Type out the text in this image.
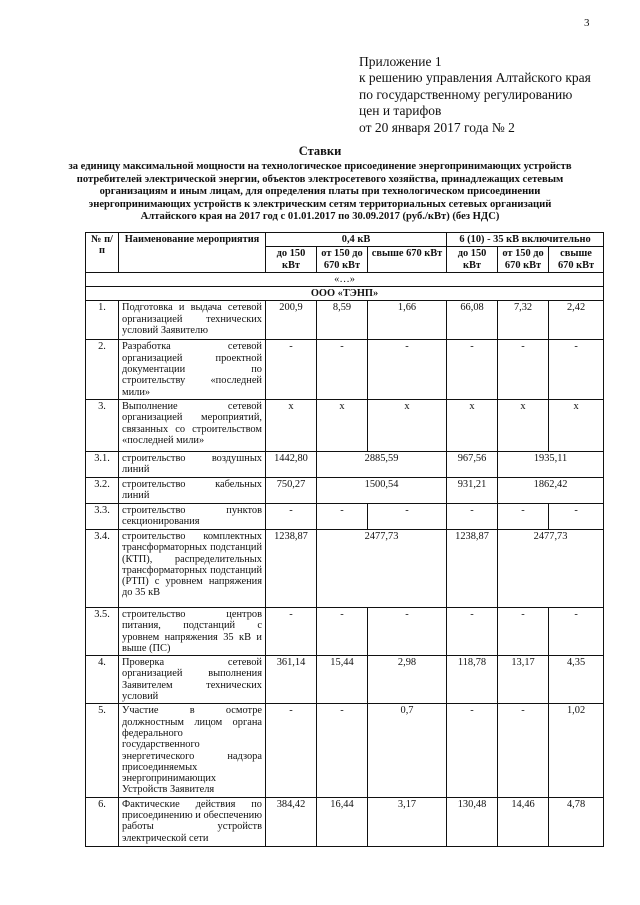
3
Приложение 1
к решению управления Алтайского края
по государственному регулированию
цен и тарифов
от 20 января 2017 года № 2
Ставки
за единицу максимальной мощности на технологическое присоединение энергопринимающих устройств потребителей электрической энергии, объектов электросетевого хозяйства, принадлежащих сетевым организациям и иным лицам, для определения платы при технологическом присоединении энергопринимающих устройств к электрическим сетям территориальных сетевых организаций Алтайского края на 2017 год с 01.01.2017 по 30.09.2017 (руб./кВт) (без НДС)
№ п/п	Наименование мероприятия	0,4 кВ			6 (10) - 35 кВ включительно		
		до 150 кВт	от 150 до 670 кВт	свыше 670 кВт	до 150 кВт	от 150 до 670 кВт	свыше 670 кВт
«…»							
ООО «ТЭНП»							
1.	Подготовка и выдача сетевой организацией технических условий Заявителю	200,9	8,59	1,66	66,08	7,32	2,42
2.	Разработка сетевой организацией проектной документации по строительству «последней мили»	-	-	-	-	-	-
3.	Выполнение сетевой организацией мероприятий, связанных со строительством «последней мили»	x	x	x	x	x	x
3.1.	строительство воздушных линий	1442,80	2885,59		967,56	1935,11	
3.2.	строительство кабельных линий	750,27	1500,54		931,21	1862,42	
3.3.	строительство пунктов секционирования	-	-	-	-	-	-
3.4.	строительство комплектных трансформаторных подстанций (КТП), распределительных трансформаторных подстанций (РТП) с уровнем напряжения до 35 кВ	1238,87	2477,73		1238,87	2477,73	
3.5.	строительство центров питания, подстанций с уровнем напряжения 35 кВ и выше (ПС)	-	-	-	-	-	-
4.	Проверка сетевой организацией выполнения Заявителем технических условий	361,14	15,44	2,98	118,78	13,17	4,35
5.	Участие в осмотре должностным лицом органа федерального государственного энергетического надзора присоединяемых энергопринимающих Устройств Заявителя	-	-	0,7	-	-	1,02
6.	Фактические действия по присоединению и обеспечению работы устройств электрической сети	384,42	16,44	3,17	130,48	14,46	4,78
